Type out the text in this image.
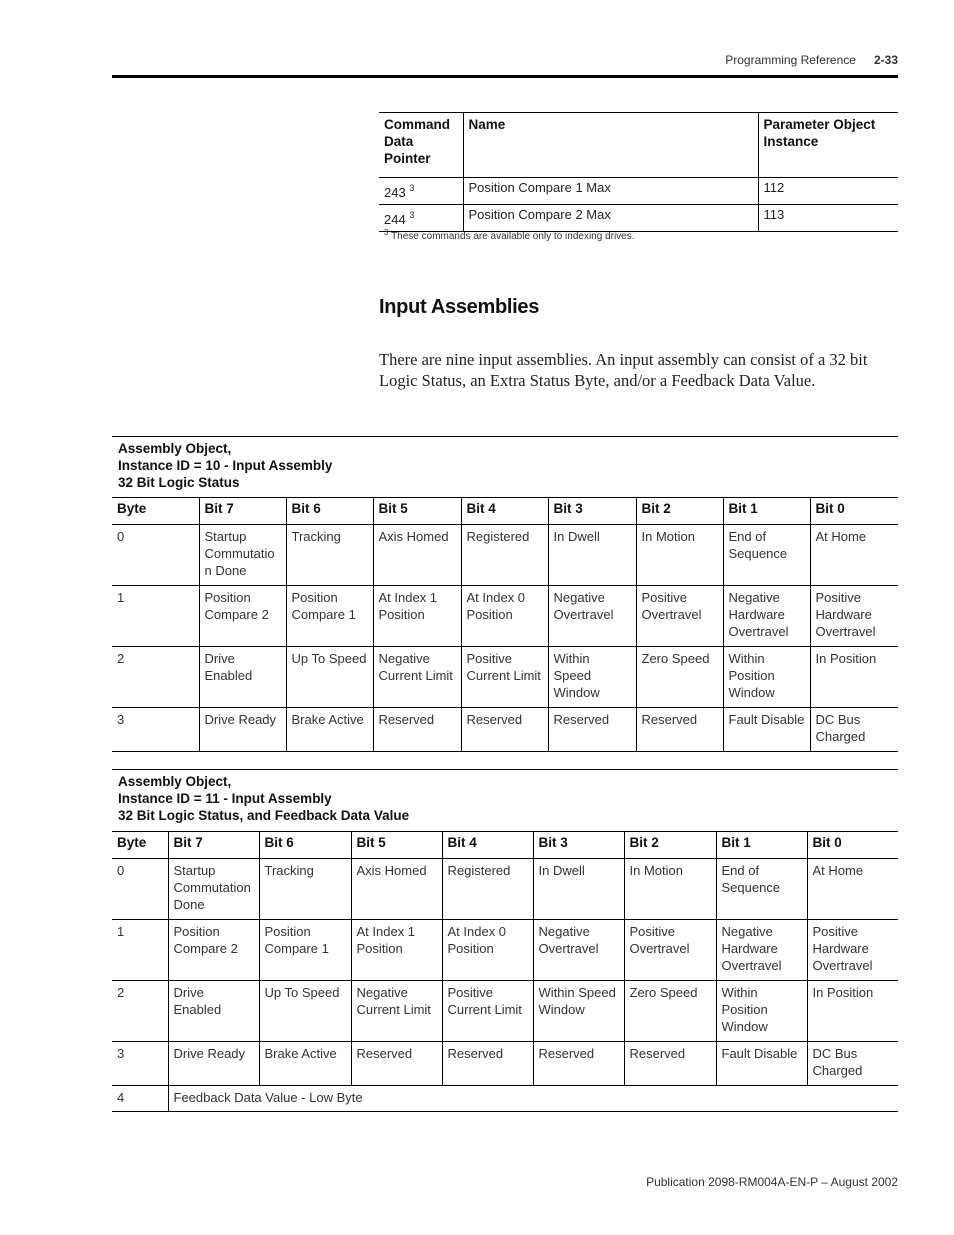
Programming Reference 2-33
Command Data Pointer	Name	Parameter Object Instance
243 $^3$	Position Compare 1 Max	112
244 $^3$	Position Compare 2 Max	113
$^3$ These commands are available only to indexing drives.
Input Assemblies
There are nine input assemblies. An input assembly can consist of a 32 bit Logic Status, an Extra Status Byte, and/or a Feedback Data Value.
Assembly Object,
Instance ID = 10 - Input Assembly
32 Bit Logic Status
Byte	Bit 7	Bit 6	Bit 5	Bit 4	Bit 3	Bit 2	Bit 1	Bit 0
0	Startup Commutatio n Done	Tracking	Axis Homed	Registered	In Dwell	In Motion	End of Sequence	At Home
1	Position Compare 2	Position Compare 1	At Index 1 Position	At Index 0 Position	Negative Overtravel	Positive Overtravel	Negative Hardware Overtravel	Positive Hardware Overtravel
2	Drive Enabled	Up To Speed	Negative Current Limit	Positive Current Limit	Within Speed Window	Zero Speed	Within Position Window	In Position
3	Drive Ready	Brake Active	Reserved	Reserved	Reserved	Reserved	Fault Disable	DC Bus Charged
Assembly Object,
Instance ID = 11 - Input Assembly
32 Bit Logic Status, and Feedback Data Value
Byte	Bit 7	Bit 6	Bit 5	Bit 4	Bit 3	Bit 2	Bit 1	Bit 0
0	Startup Commutation Done	Tracking	Axis Homed	Registered	In Dwell	In Motion	End of Sequence	At Home
1	Position Compare 2	Position Compare 1	At Index 1 Position	At Index 0 Position	Negative Overtravel	Positive Overtravel	Negative Hardware Overtravel	Positive Hardware Overtravel
2	Drive Enabled	Up To Speed	Negative Current Limit	Positive Current Limit	Within Speed Window	Zero Speed	Within Position Window	In Position
3	Drive Ready	Brake Active	Reserved	Reserved	Reserved	Reserved	Fault Disable	DC Bus Charged
4	Feedback Data Value - Low Byte							
Publication 2098-RM004A-EN-P – August 2002
